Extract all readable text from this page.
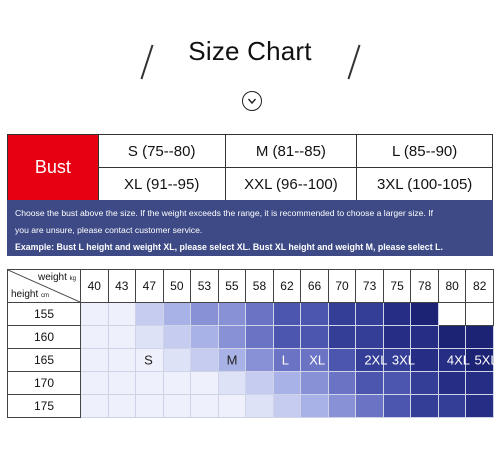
Size Chart
Bust	S (75--80)	M (81--85)	L (85--90)
	XL (91--95)	XXL (96--100)	3XL (100-105)

Choose the bust above the size. If the weight exceeds the range, it is recommended to choose a larger size. If

you are unsure, please contact customer service.

Example: Bust L height and weight XL, please select XL. Bust XL height and weight M, please select L.

weight kg
height cm	40	43	47	50	53	55	58	62	66	70	73	75	78	80	82
155															
160															
165			S			M		L	XL		2XL	3XL		4XL	5XL

170															
175															
